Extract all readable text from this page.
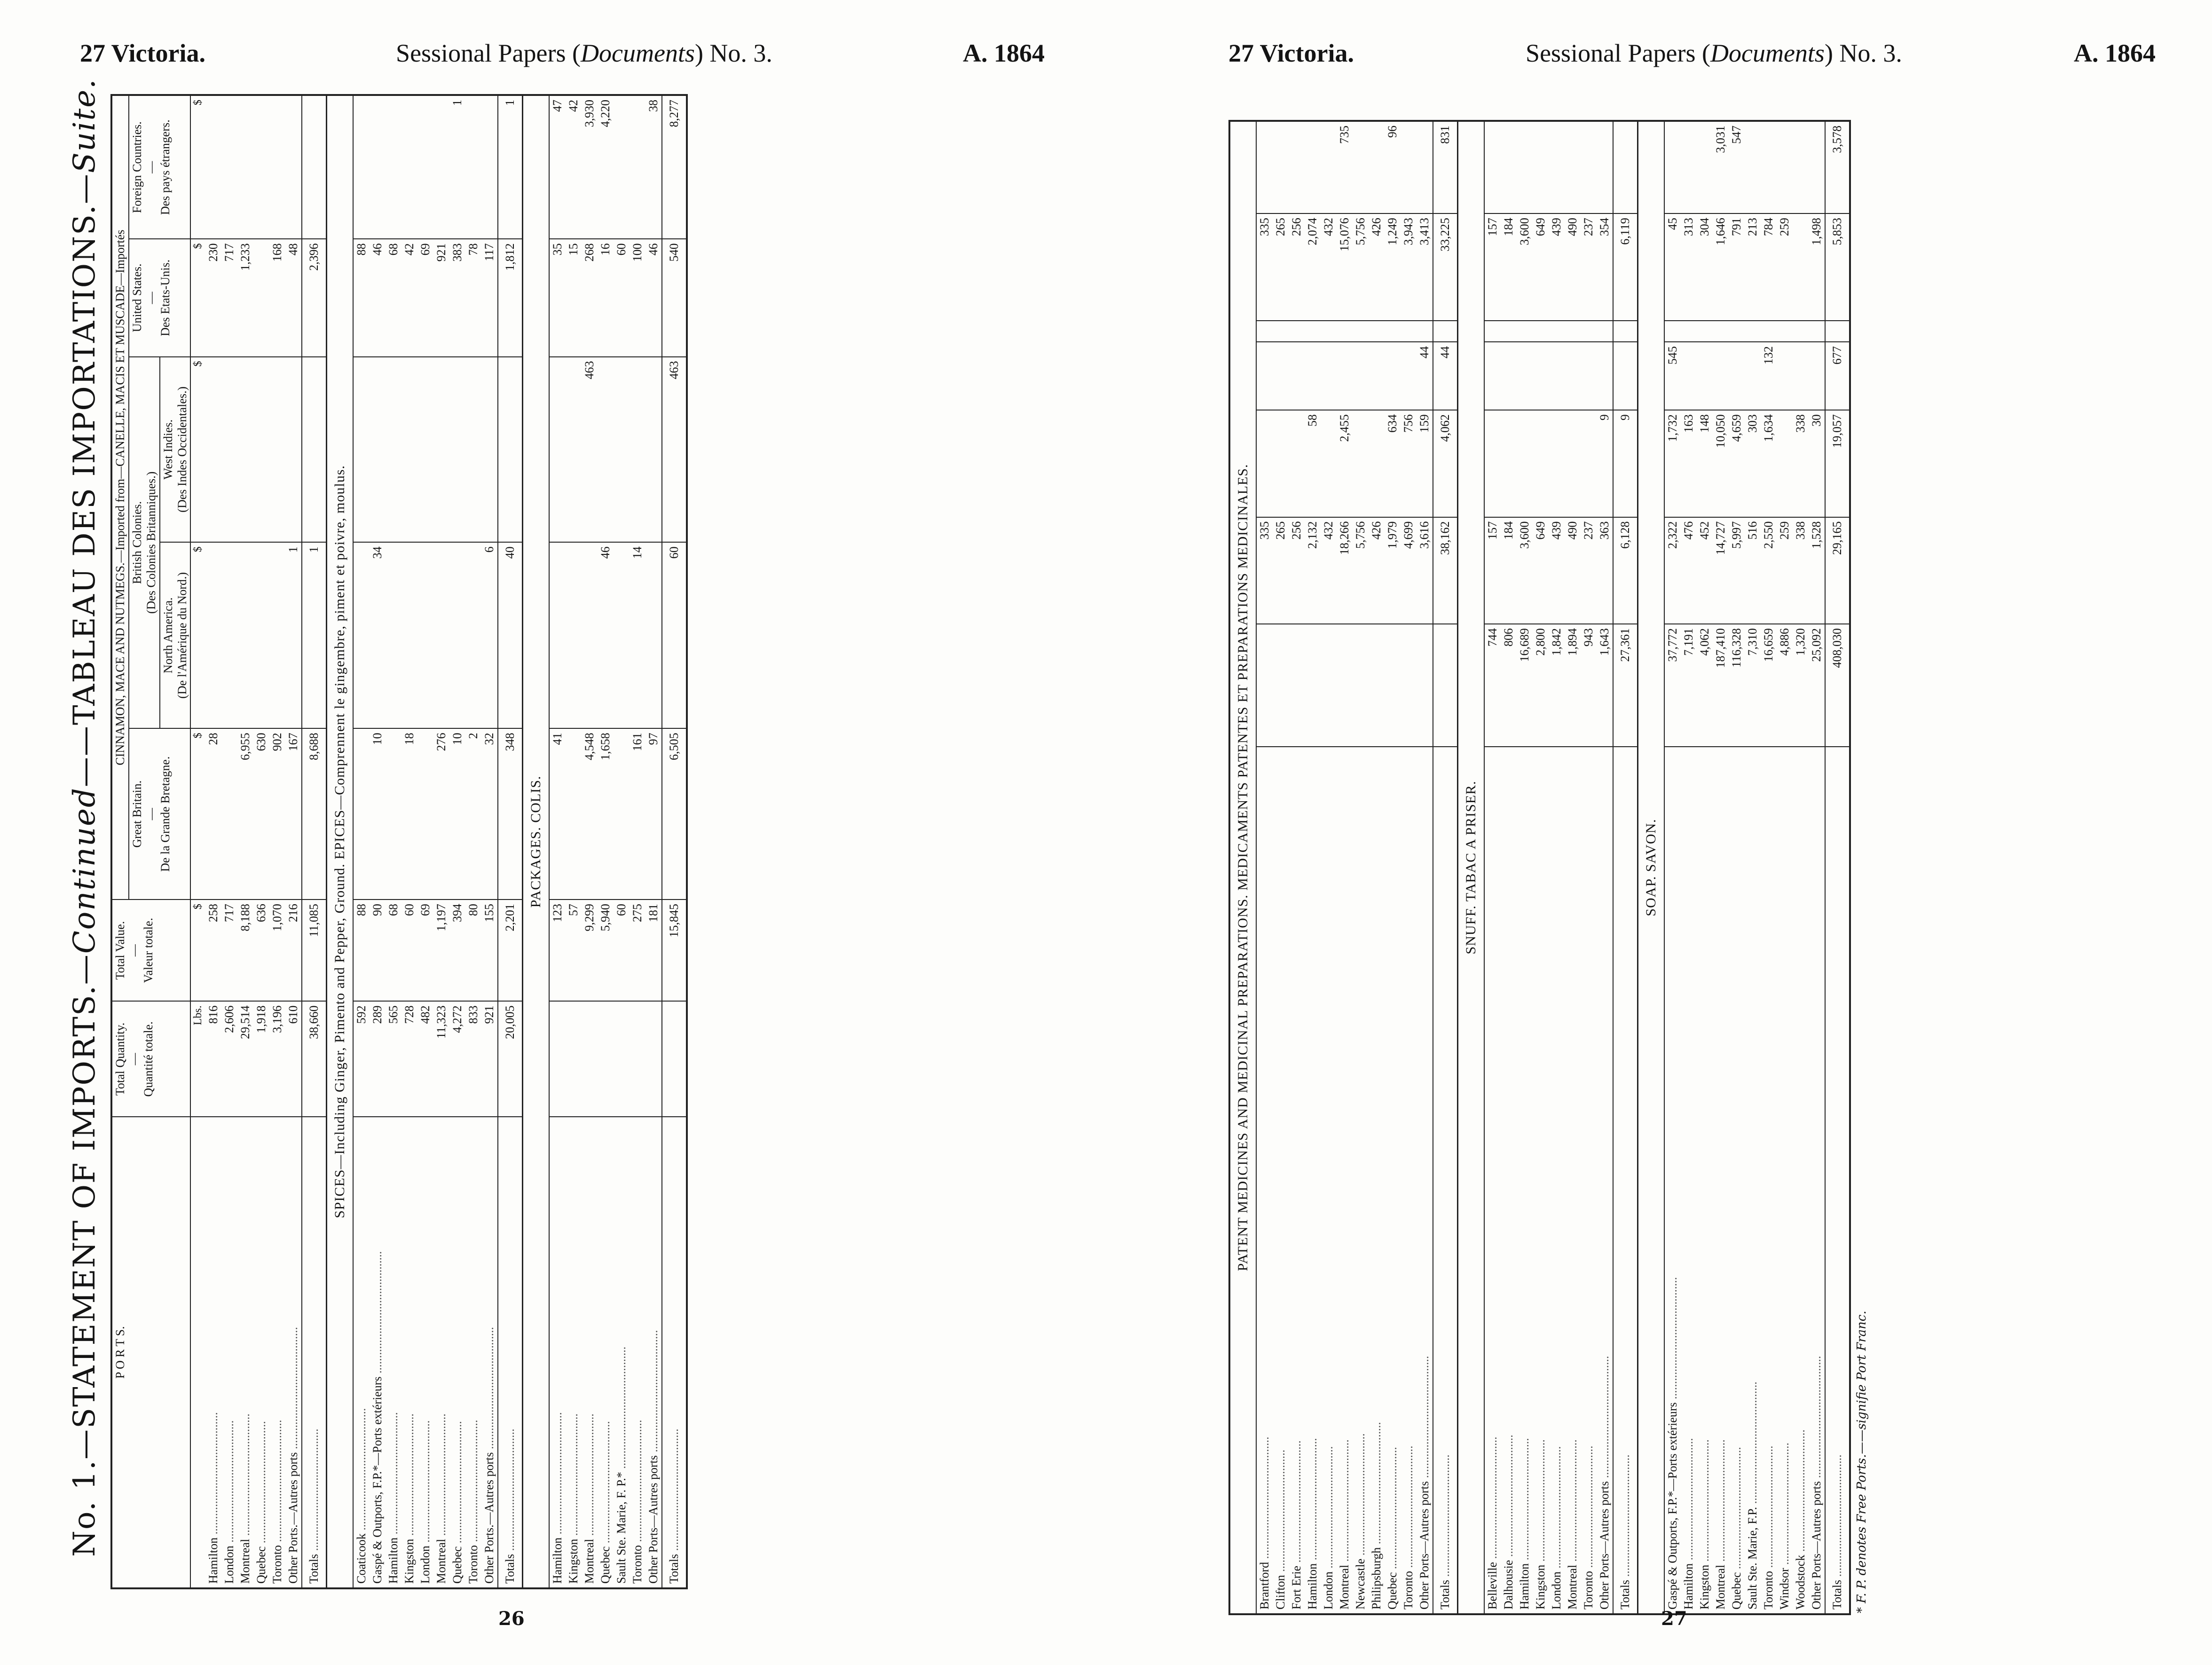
27 Victoria.	Sessional Papers (Documents) No. 3.	A. 1864
No. 1.—STATEMENT OF IMPORTS.—Continued——TABLEAU DES IMPORTATIONS.—Suite.
P O R T S.	Total Quantity.
—
Quantité totale.	Total Value.
—
Valeur totale.	CINNAMON, MACE AND NUTMEGS.—Imported from—CANELLE, MACIS ET MUSCADE—Importés				
			Great Britain.
—
De la Grande Bretagne.	British Colonies.
(Des Colonies Britanniques.)		United States.
—
Des Etats-Unis.	Foreign Countries.
—
Des pays étrangers.
				North America.
(De l'Amérique du Nord.)	West Indies.
(Des Indes Occidentales.)		
	Lbs.	$	$	$	$	$	$
Hamilton .....	816	258	28			230	
London .....	2,606	717				717	
Montreal .....	29,514	8,188	6,955			1,233	
Quebec .....	1,918	636	630				
Toronto .....	3,196	1,070	902			168	
Other Ports.—Autres ports .....	610	216	167	1		48	
Totals .....	38,660	11,085	8,688	1		2,396	
SPICES—Including Ginger, Pimento and Pepper, Ground. EPICES—Comprennent le gingembre, piment et poivre, moulus.							
Coaticook .....	592	88				88	
Gaspé & Outports, F.P.*—Ports extérieurs .....	289	90	10	34		46	
Hamilton .....	565	68				68	
Kingston .....	728	60	18			42	
London .....	482	69				69	
Montreal .....	11,323	1,197	276			921	
Quebec .....	4,272	394	10			383	1
Toronto .....	833	80	2			78	
Other Ports.—Autres ports .....	921	155	32	6		117	
Totals .....	20,005	2,201	348	40		1,812	1
PACKAGES. COLIS.							
Hamilton .....		123	41			35	47
Kingston .....		57				15	42
Montreal .....		9,299	4,548		463	268	3,930
Quebec .....		5,940	1,658	46		16	4,220
Sault Ste. Marie, F. P.* .....		60				60	
Toronto .....		275	161	14		100	
Other Ports—Autres ports .....		181	97			46	38
Totals .....		15,845	6,505	60	463	540	8,277
26
27 Victoria.	Sessional Papers (Documents) No. 3.	A. 1864
PATENT MEDICINES AND MEDICINAL PREPARATIONS. MEDICAMENTS PATENTES ET PREPARATIONS MEDICINALES.							
Brantford .....		335				335	
Clifton .....		265				265	
Fort Erie .....		256				256	
Hamilton .....		2,132	58			2,074	
London .....		432				432	
Montreal .....		18,266	2,455			15,076	735
Newcastle .....		5,756				5,756	
Philipsburgh .....		426				426	
Quebec .....		1,979	634			1,249	96
Toronto .....		4,699	756			3,943	
Other Ports—Autres ports .....		3,616	159	44		3,413	
Totals .....		38,162	4,062	44		33,225	831
SNUFF. TABAC A PRISER.							
Belleville .....	744	157				157	
Dalhousie .....	806	184				184	
Hamilton .....	16,689	3,600				3,600	
Kingston .....	2,800	649				649	
London .....	1,842	439				439	
Montreal .....	1,894	490				490	
Toronto .....	943	237				237	
Other Ports—Autres ports .....	1,643	363	9			354	
Totals .....	27,361	6,128	9			6,119	
SOAP. SAVON.							
Gaspé & Outports, F.P.*—Ports extérieurs .....	37,772	2,322	1,732	545		45	
Hamilton .....	7,191	476	163			313	
Kingston .....	4,062	452	148			304	
Montreal .....	187,410	14,727	10,050			1,646	3,031
Quebec .....	116,328	5,997	4,659			791	547
Sault Ste. Marie, F.P. .....	7,310	516	303			213	
Toronto .....	16,659	2,550	1,634	132		784	
Windsor .....	4,886	259				259	
Woodstock .....	1,320	338	338				
Other Ports—Autres ports .....	25,092	1,528	30			1,498	
Totals .....	408,030	29,165	19,057	677		5,853	3,578
* F. P. denotes Free Ports.——signifie Port Franc.
27
